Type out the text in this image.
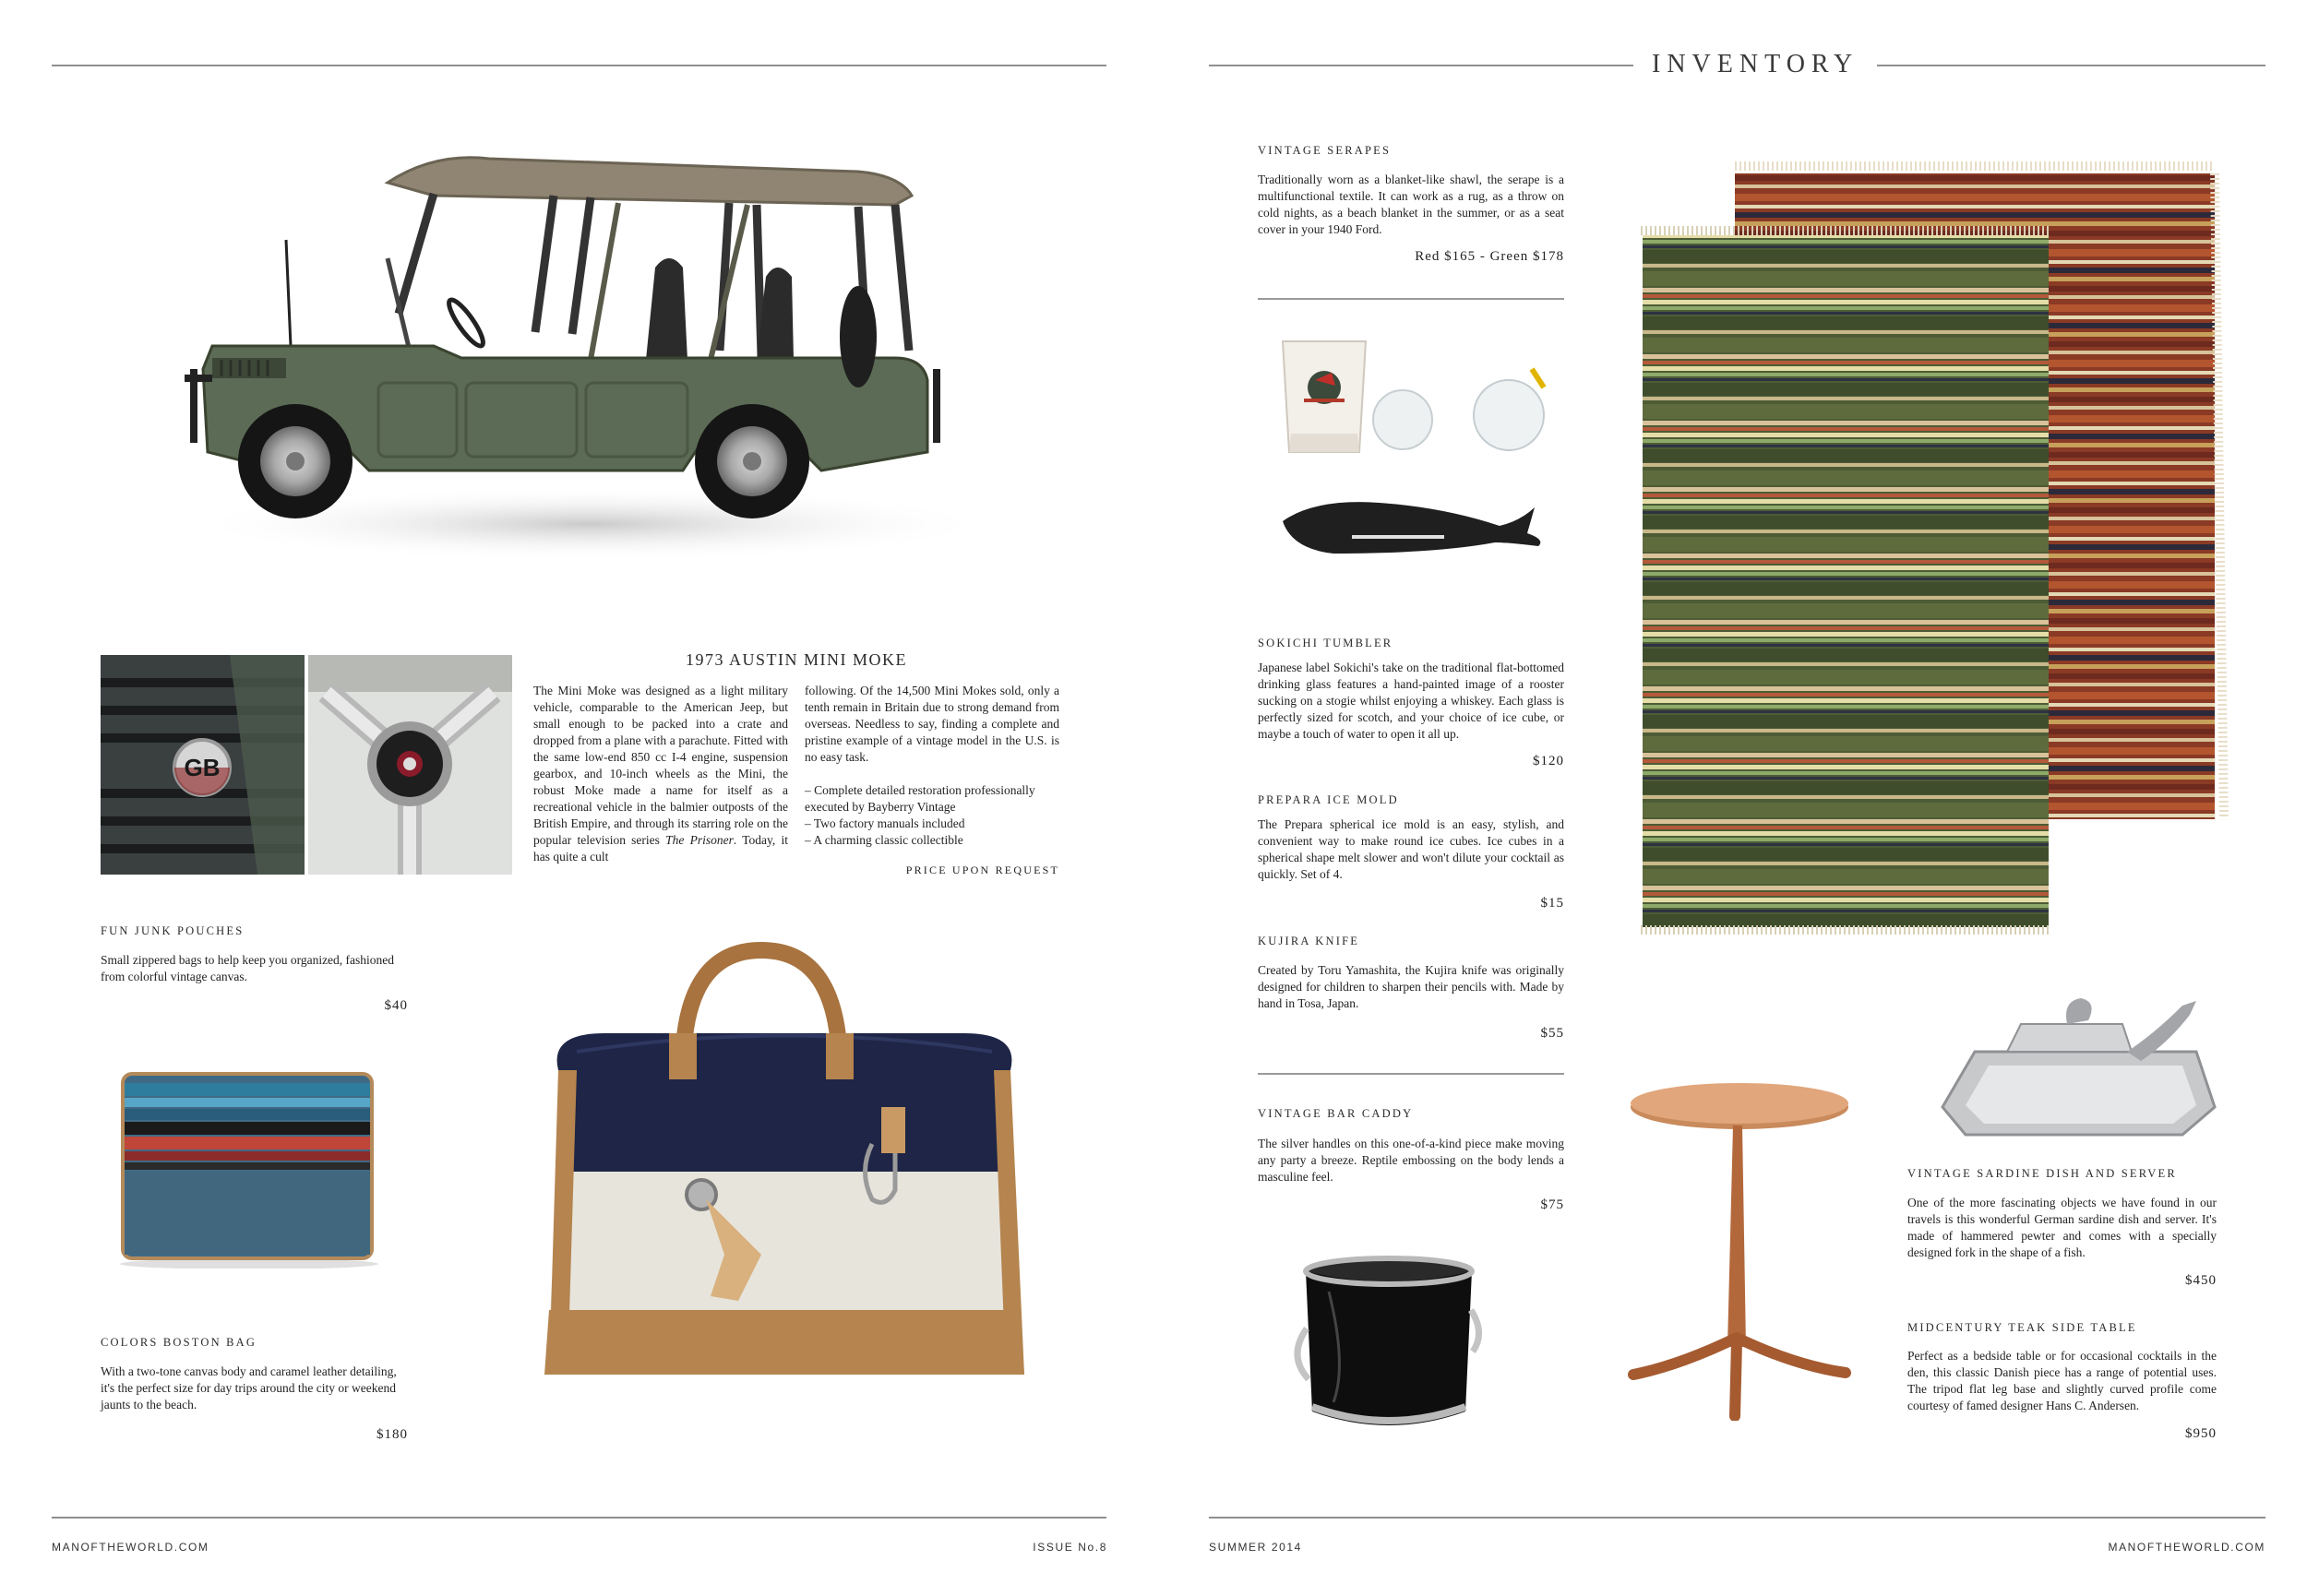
INVENTORY
GB
1973 AUSTIN MINI MOKE
The Mini Moke was designed as a light military vehicle, comparable to the American Jeep, but small enough to be packed into a crate and dropped from a plane with a parachute. Fitted with the same low-end 850 cc I-4 engine, suspension gearbox, and 10-inch wheels as the Mini, the robust Moke made a name for itself as a recreational vehicle in the balmier outposts of the British Empire, and through its starring role on the popular television series The Prisoner. Today, it has quite a cult
following. Of the 14,500 Mini Mokes sold, only a tenth remain in Britain due to strong demand from overseas. Needless to say, finding a complete and pristine example of a vintage model in the U.S. is no easy task.
– Complete detailed restoration professionally executed by Bayberry Vintage
– Two factory manuals included
– A charming classic collectible
PRICE UPON REQUEST
FUN JUNK POUCHES
Small zippered bags to help keep you organized, fashioned from colorful vintage canvas.
$40
COLORS BOSTON BAG
With a two-tone canvas body and caramel leather detailing, it's the perfect size for day trips around the city or weekend jaunts to the beach.
$180
VINTAGE SERAPES
Traditionally worn as a blanket-like shawl, the serape is a multifunctional textile. It can work as a rug, as a throw on cold nights, as a beach blanket in the summer, or as a seat cover in your 1940 Ford.
Red $165 - Green $178
SOKICHI TUMBLER
Japanese label Sokichi's take on the traditional flat-bottomed drinking glass features a hand-painted image of a rooster sucking on a stogie whilst enjoying a whiskey. Each glass is perfectly sized for scotch, and your choice of ice cube, or maybe a touch of water to open it all up.
$120
PREPARA ICE MOLD
The Prepara spherical ice mold is an easy, stylish, and convenient way to make round ice cubes. Ice cubes in a spherical shape melt slower and won't dilute your cocktail as quickly. Set of 4.
$15
KUJIRA KNIFE
Created by Toru Yamashita, the Kujira knife was originally designed for children to sharpen their pencils with. Made by hand in Tosa, Japan.
$55
VINTAGE BAR CADDY
The silver handles on this one-of-a-kind piece make moving any party a breeze. Reptile embossing on the body lends a masculine feel.
$75
VINTAGE SARDINE DISH AND SERVER
One of the more fascinating objects we have found in our travels is this wonderful German sardine dish and server. It's made of hammered pewter and comes with a specially designed fork in the shape of a fish.
$450
MIDCENTURY TEAK SIDE TABLE
Perfect as a bedside table or for occasional cocktails in the den, this classic Danish piece has a range of potential uses. The tripod flat leg base and slightly curved profile come courtesy of famed designer Hans C. Andersen.
$950
MANOFTHEWORLD.COM	ISSUE No.8	SUMMER 2014	MANOFTHEWORLD.COM
